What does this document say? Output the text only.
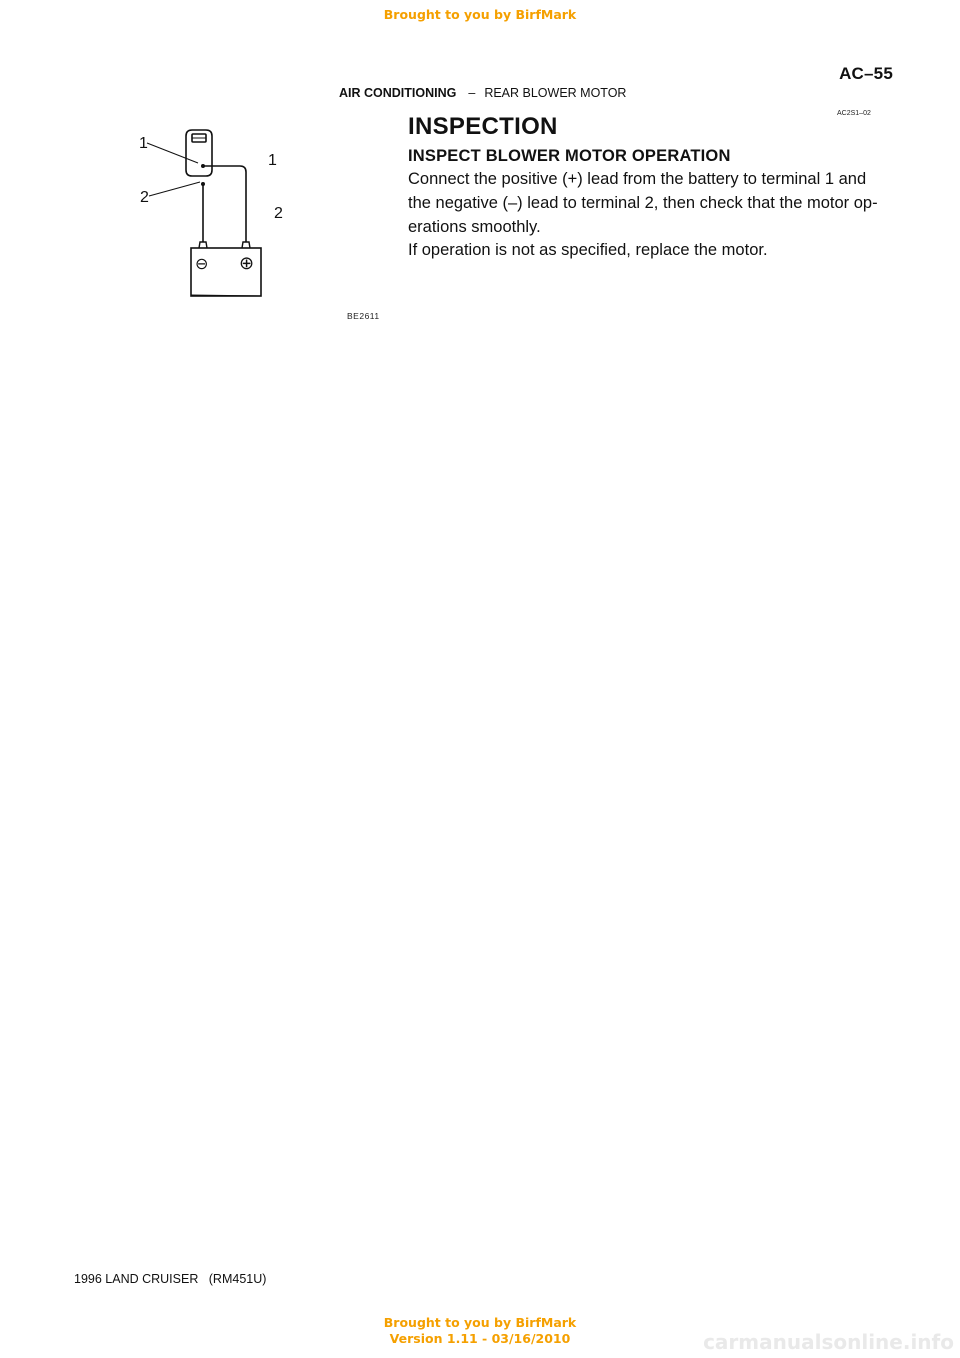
Brought to you by BirfMark
AC–55
AIR CONDITIONING – REAR BLOWER MOTOR
AC2S1–02
1
2
1
2
⊖ ⊕
BE2611
INSPECTION
INSPECT BLOWER MOTOR OPERATION

Connect the positive (+) lead from the battery to terminal 1 and

the negative (–) lead to terminal 2, then check that the motor op-

erations smoothly.

If operation is not as specified, replace the motor.

1996 LAND CRUISER   (RM451U)
Brought to you by BirfMark
Version 1.11 - 03/16/2010	carmanualsonline.info
